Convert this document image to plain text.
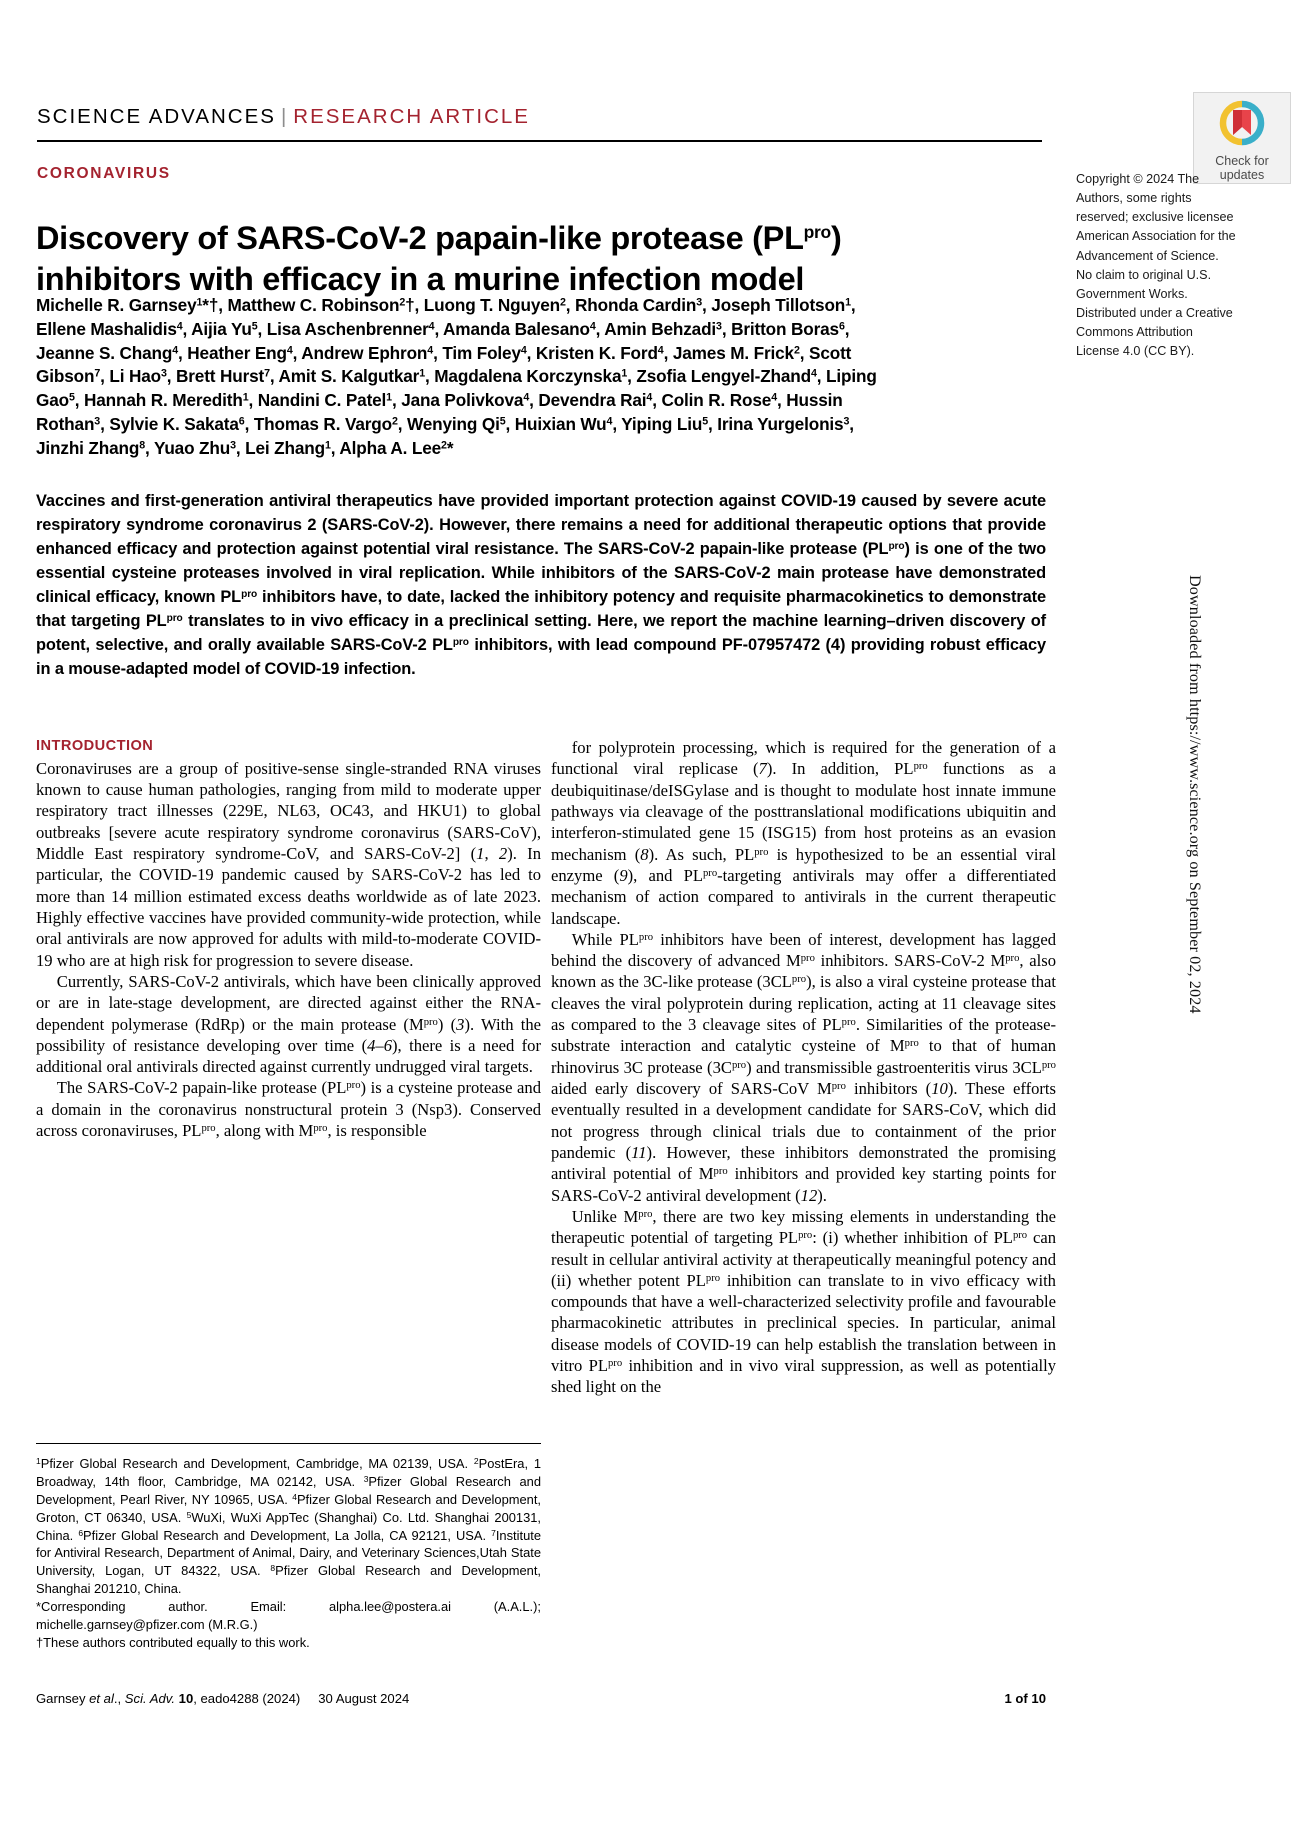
SCIENCE ADVANCES | RESEARCH ARTICLE
Check for
updates
CORONAVIRUS
Discovery of SARS-CoV-2 papain-like protease $(PL^{pro})$
inhibitors with efficacy in a murine infection model
Michelle R. Garnsey$^1$*†, Matthew C. Robinson$^2$†, Luong T. Nguyen$^2$, Rhonda Cardin$^3$, Joseph Tillotson$^1$, Ellene Mashalidis$^4$, Aijia Yu$^5$, Lisa Aschenbrenner$^4$, Amanda Balesano$^4$, Amin Behzadi$^3$, Britton Boras$^6$, Jeanne S. Chang$^4$, Heather Eng$^4$, Andrew Ephron$^4$, Tim Foley$^4$, Kristen K. Ford$^4$, James M. Frick$^2$, Scott Gibson$^7$, Li Hao$^3$, Brett Hurst$^7$, Amit S. Kalgutkar$^1$, Magdalena Korczynska$^1$, Zsofia Lengyel-Zhand$^4$, Liping Gao$^5$, Hannah R. Meredith$^1$, Nandini C. Patel$^1$, Jana Polivkova$^4$, Devendra Rai$^4$, Colin R. Rose$^4$, Hussin Rothan$^3$, Sylvie K. Sakata$^6$, Thomas R. Vargo$^2$, Wenying Qi$^5$, Huixian Wu$^4$, Yiping Liu$^5$, Irina Yurgelonis$^3$, Jinzhi Zhang$^8$, Yuao Zhu$^3$, Lei Zhang$^1$, Alpha A. Lee$^2$*
Copyright © 2024 The Authors, some rights reserved; exclusive licensee American Association for the Advancement of Science. No claim to original U.S. Government Works. Distributed under a Creative Commons Attribution License 4.0 (CC BY).
Vaccines and first-generation antiviral therapeutics have provided important protection against COVID-19 caused by severe acute respiratory syndrome coronavirus 2 (SARS-CoV-2). However, there remains a need for additional therapeutic options that provide enhanced efficacy and protection against potential viral resistance. The SARS-CoV-2 papain-like protease $(PL^{pro})$ is one of the two essential cysteine proteases involved in viral replication. While inhibitors of the SARS-CoV-2 main protease have demonstrated clinical efficacy, known $PL^{pro}$ inhibitors have, to date, lacked the inhibitory potency and requisite pharmacokinetics to demonstrate that targeting $PL^{pro}$ translates to in vivo efficacy in a preclinical setting. Here, we report the machine learning–driven discovery of potent, selective, and orally available SARS-CoV-2 $PL^{pro}$ inhibitors, with lead compound PF-07957472 (4) providing robust efficacy in a mouse-adapted model of COVID-19 infection.
INTRODUCTION

Coronaviruses are a group of positive-sense single-stranded RNA viruses known to cause human pathologies, ranging from mild to moderate upper respiratory tract illnesses (229E, NL63, OC43, and HKU1) to global outbreaks [severe acute respiratory syndrome coronavirus (SARS-CoV), Middle East respiratory syndrome-CoV, and SARS-CoV-2] (1, 2). In particular, the COVID-19 pandemic caused by SARS-CoV-2 has led to more than 14 million estimated excess deaths worldwide as of late 2023. Highly effective vaccines have provided community-wide protection, while oral antivirals are now approved for adults with mild-to-moderate COVID-19 who are at high risk for progression to severe disease.

Currently, SARS-CoV-2 antivirals, which have been clinically approved or are in late-stage development, are directed against either the RNA-dependent polymerase (RdRp) or the main protease $(M^{pro})$ (3). With the possibility of resistance developing over time (4–6), there is a need for additional oral antivirals directed against currently undrugged viral targets.

The SARS-CoV-2 papain-like protease $(PL^{pro})$ is a cysteine protease and a domain in the coronavirus nonstructural protein 3 (Nsp3). Conserved across coronaviruses, $PL^{pro}$, along with $M^{pro}$, is responsible

for polyprotein processing, which is required for the generation of a functional viral replicase (7). In addition, $PL^{pro}$ functions as a deubiquitinase/deISGylase and is thought to modulate host innate immune pathways via cleavage of the posttranslational modifications ubiquitin and interferon-stimulated gene 15 (ISG15) from host proteins as an evasion mechanism (8). As such, $PL^{pro}$ is hypothesized to be an essential viral enzyme (9), and $PL^{pro}$-targeting antivirals may offer a differentiated mechanism of action compared to antivirals in the current therapeutic landscape.

While $PL^{pro}$ inhibitors have been of interest, development has lagged behind the discovery of advanced $M^{pro}$ inhibitors. SARS-CoV-2 $M^{pro}$, also known as the 3C-like protease $(3CL^{pro})$, is also a viral cysteine protease that cleaves the viral polyprotein during replication, acting at 11 cleavage sites as compared to the 3 cleavage sites of $PL^{pro}$. Similarities of the protease-substrate interaction and catalytic cysteine of $M^{pro}$ to that of human rhinovirus 3C protease $(3C^{pro})$ and transmissible gastroenteritis virus $3CL^{pro}$ aided early discovery of SARS-CoV $M^{pro}$ inhibitors (10). These efforts eventually resulted in a development candidate for SARS-CoV, which did not progress through clinical trials due to containment of the prior pandemic (11). However, these inhibitors demonstrated the promising antiviral potential of $M^{pro}$ inhibitors and provided key starting points for SARS-CoV-2 antiviral development (12).

Unlike $M^{pro}$, there are two key missing elements in understanding the therapeutic potential of targeting $PL^{pro}$: (i) whether inhibition of $PL^{pro}$ can result in cellular antiviral activity at therapeutically meaningful potency and (ii) whether potent $PL^{pro}$ inhibition can translate to in vivo efficacy with compounds that have a well-characterized selectivity profile and favourable pharmacokinetic attributes in preclinical species. In particular, animal disease models of COVID-19 can help establish the translation between in vitro $PL^{pro}$ inhibition and in vivo viral suppression, as well as potentially shed light on the

$^1$Pfizer Global Research and Development, Cambridge, MA 02139, USA. $^2$PostEra, 1 Broadway, 14th floor, Cambridge, MA 02142, USA. $^3$Pfizer Global Research and Development, Pearl River, NY 10965, USA. $^4$Pfizer Global Research and Development, Groton, CT 06340, USA. $^5$WuXi, WuXi AppTec (Shanghai) Co. Ltd. Shanghai 200131, China. $^6$Pfizer Global Research and Development, La Jolla, CA 92121, USA. $^7$Institute for Antiviral Research, Department of Animal, Dairy, and Veterinary Sciences,Utah State University, Logan, UT 84322, USA. $^8$Pfizer Global Research and Development, Shanghai 201210, China.

*Corresponding author. Email: alpha.lee@postera.ai (A.A.L.); michelle.garnsey@pfizer.com (M.R.G.)

†These authors contributed equally to this work.

Garnsey et al., Sci. Adv. 10, eado4288 (2024) 30 August 2024	1 of 10
Downloaded from https://www.science.org on September 02, 2024
